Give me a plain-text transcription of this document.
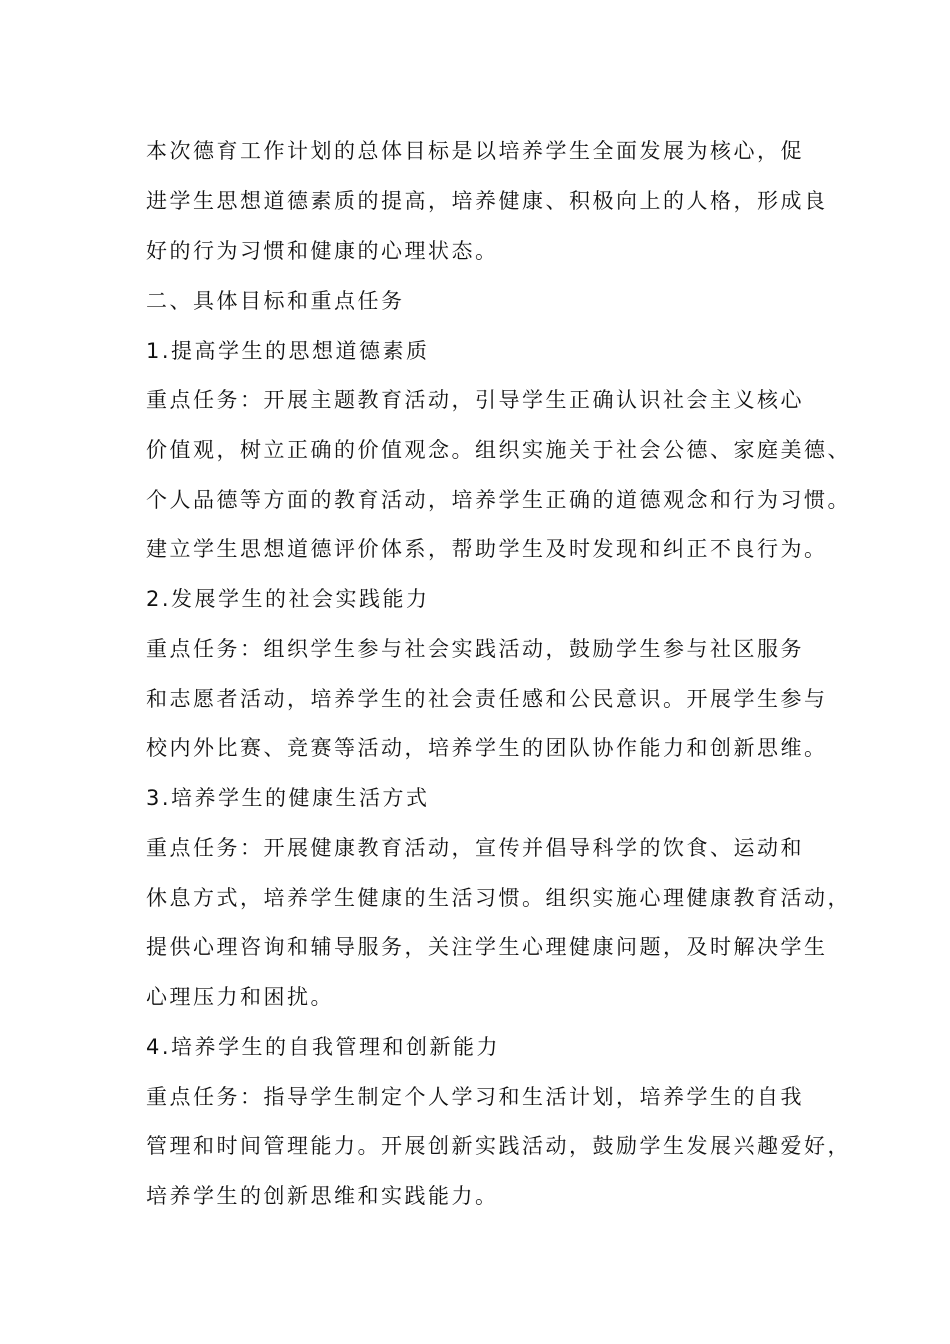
本次德育工作计划的总体目标是以培养学生全面发展为核心，促
进学生思想道德素质的提高，培养健康、积极向上的人格，形成良
好的行为习惯和健康的心理状态。
二、具体目标和重点任务
1.提高学生的思想道德素质
重点任务：开展主题教育活动，引导学生正确认识社会主义核心
价值观，树立正确的价值观念。组织实施关于社会公德、家庭美德、
个人品德等方面的教育活动，培养学生正确的道德观念和行为习惯。
建立学生思想道德评价体系，帮助学生及时发现和纠正不良行为。
2.发展学生的社会实践能力
重点任务：组织学生参与社会实践活动，鼓励学生参与社区服务
和志愿者活动，培养学生的社会责任感和公民意识。开展学生参与
校内外比赛、竞赛等活动，培养学生的团队协作能力和创新思维。
3.培养学生的健康生活方式
重点任务：开展健康教育活动，宣传并倡导科学的饮食、运动和
休息方式，培养学生健康的生活习惯。组织实施心理健康教育活动，
提供心理咨询和辅导服务，关注学生心理健康问题，及时解决学生
心理压力和困扰。
4.培养学生的自我管理和创新能力
重点任务：指导学生制定个人学习和生活计划，培养学生的自我
管理和时间管理能力。开展创新实践活动，鼓励学生发展兴趣爱好，
培养学生的创新思维和实践能力。
